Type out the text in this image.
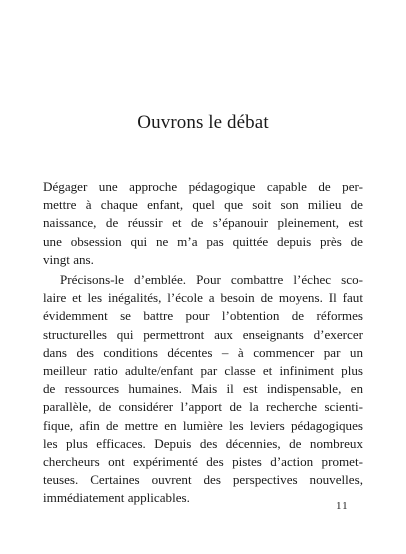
Ouvrons le débat
Dégager une approche pédagogique capable de per-
mettre à chaque enfant, quel que soit son milieu de
naissance, de réussir et de s’épanouir pleinement, est
une obsession qui ne m’a pas quittée depuis près de
vingt ans.
Précisons-le d’emblée. Pour combattre l’échec sco-
laire et les inégalités, l’école a besoin de moyens. Il faut
évidemment se battre pour l’obtention de réformes
structurelles qui permettront aux enseignants d’exercer
dans des conditions décentes – à commencer par un
meilleur ratio adulte/enfant par classe et infiniment plus
de ressources humaines. Mais il est indispensable, en
parallèle, de considérer l’apport de la recherche scienti-
fique, afin de mettre en lumière les leviers pédagogiques
les plus efficaces. Depuis des décennies, de nombreux
chercheurs ont expérimenté des pistes d’action promet-
teuses. Certaines ouvrent des perspectives nouvelles,
immédiatement applicables.
11
